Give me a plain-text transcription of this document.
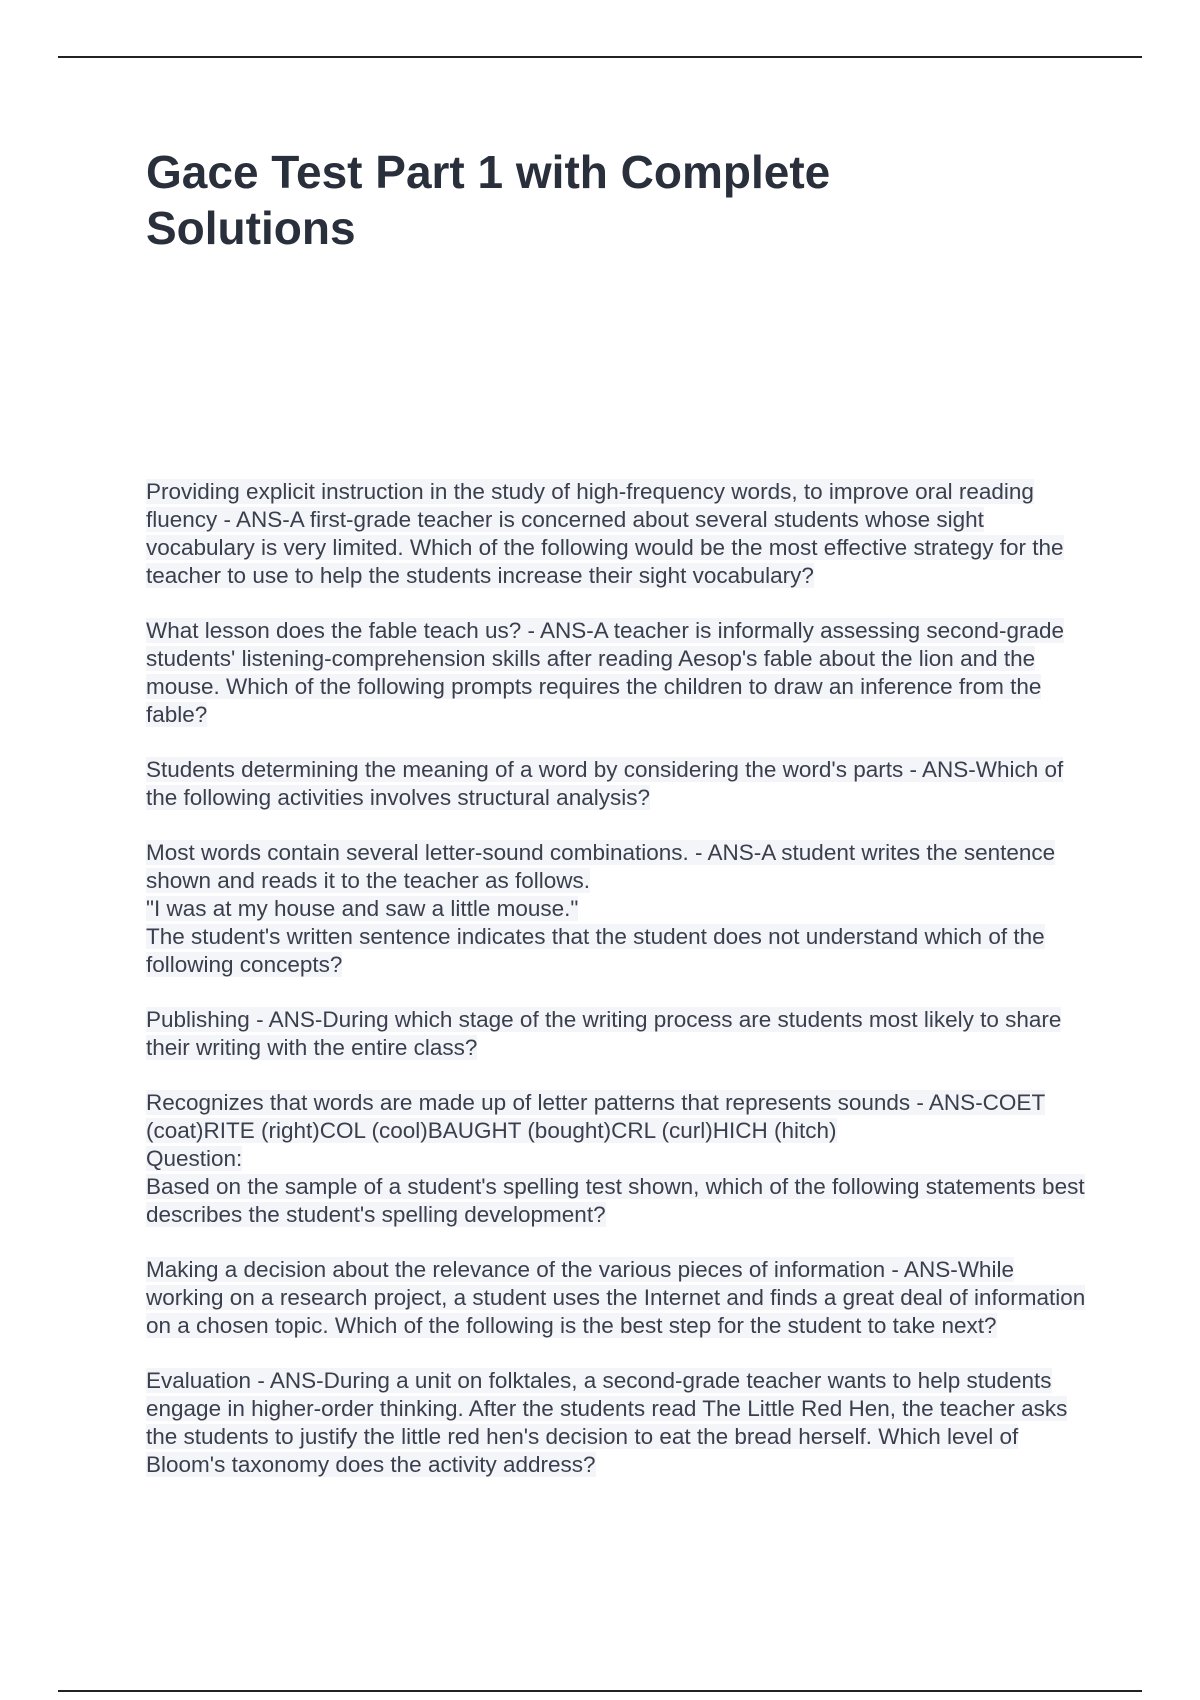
Gace Test Part 1 with Complete Solutions

Providing explicit instruction in the study of high-frequency words, to improve oral reading fluency - ANS-A first-grade teacher is concerned about several students whose sight vocabulary is very limited. Which of the following would be the most effective strategy for the teacher to use to help the students increase their sight vocabulary?

What lesson does the fable teach us? - ANS-A teacher is informally assessing second-grade students' listening-comprehension skills after reading Aesop's fable about the lion and the mouse. Which of the following prompts requires the children to draw an inference from the fable?

Students determining the meaning of a word by considering the word's parts - ANS-Which of the following activities involves structural analysis?

Most words contain several letter-sound combinations. - ANS-A student writes the sentence shown and reads it to the teacher as follows.
"I was at my house and saw a little mouse."
The student's written sentence indicates that the student does not understand which of the following concepts?

Publishing - ANS-During which stage of the writing process are students most likely to share their writing with the entire class?

Recognizes that words are made up of letter patterns that represents sounds - ANS-COET (coat)RITE (right)COL (cool)BAUGHT (bought)CRL (curl)HICH (hitch)
Question:
Based on the sample of a student's spelling test shown, which of the following statements best describes the student's spelling development?

Making a decision about the relevance of the various pieces of information - ANS-While working on a research project, a student uses the Internet and finds a great deal of information on a chosen topic. Which of the following is the best step for the student to take next?

Evaluation - ANS-During a unit on folktales, a second-grade teacher wants to help students engage in higher-order thinking. After the students read The Little Red Hen, the teacher asks the students to justify the little red hen's decision to eat the bread herself. Which level of Bloom's taxonomy does the activity address?
